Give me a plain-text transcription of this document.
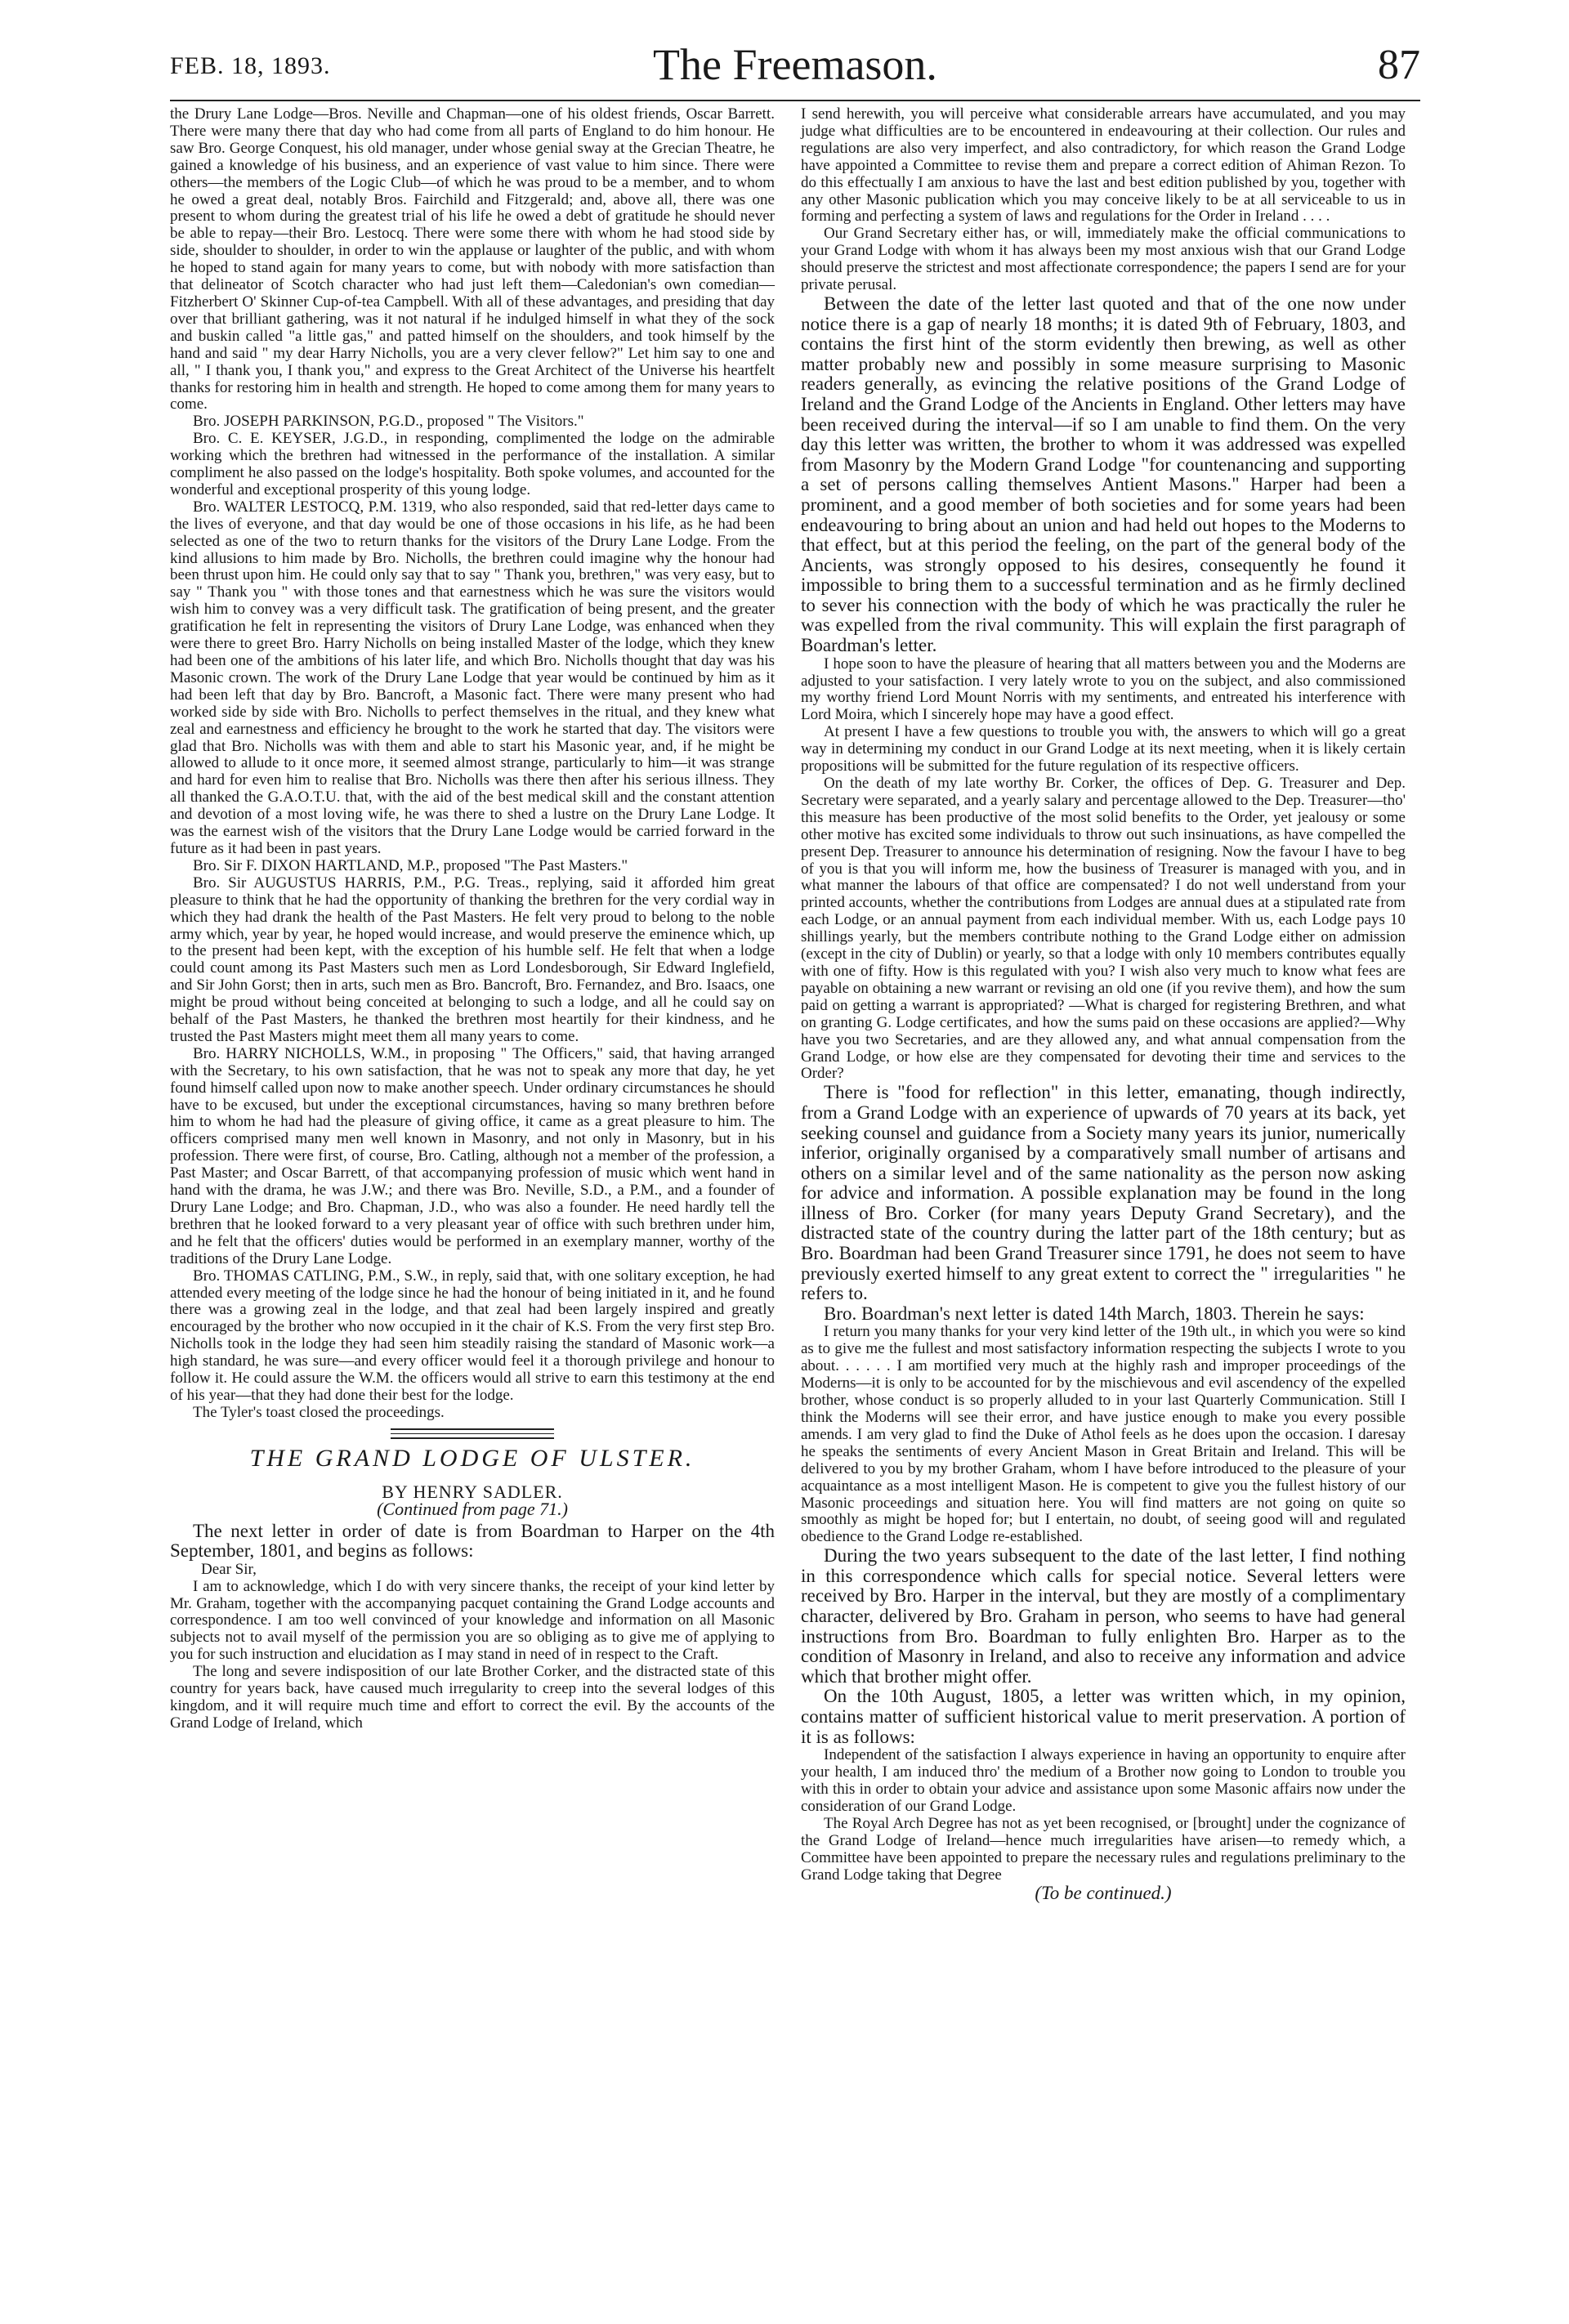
FEB. 18, 1893.	The Freemason.	87

the Drury Lane Lodge—Bros. Neville and Chapman—one of his oldest friends, Oscar Barrett. There were many there that day who had come from all parts of England to do him honour. He saw Bro. George Conquest, his old manager, under whose genial sway at the Grecian Theatre, he gained a knowledge of his business, and an experience of vast value to him since. There were others—the members of the Logic Club—of which he was proud to be a member, and to whom he owed a great deal, notably Bros. Fairchild and Fitzgerald; and, above all, there was one present to whom during the greatest trial of his life he owed a debt of gratitude he should never be able to repay—their Bro. Lestocq. There were some there with whom he had stood side by side, shoulder to shoulder, in order to win the applause or laughter of the public, and with whom he hoped to stand again for many years to come, but with nobody with more satisfaction than that delineator of Scotch character who had just left them—Caledonian's own comedian—Fitzherbert O' Skinner Cup-of-tea Campbell. With all of these advantages, and presiding that day over that brilliant gathering, was it not natural if he indulged himself in what they of the sock and buskin called "a little gas," and patted himself on the shoulders, and took himself by the hand and said " my dear Harry Nicholls, you are a very clever fellow?" Let him say to one and all, " I thank you, I thank you," and express to the Great Architect of the Universe his heartfelt thanks for restoring him in health and strength. He hoped to come among them for many years to come.

Bro. JOSEPH PARKINSON, P.G.D., proposed " The Visitors."

Bro. C. E. KEYSER, J.G.D., in responding, complimented the lodge on the admirable working which the brethren had witnessed in the performance of the installation. A similar compliment he also passed on the lodge's hospitality. Both spoke volumes, and accounted for the wonderful and exceptional prosperity of this young lodge.

Bro. WALTER LESTOCQ, P.M. 1319, who also responded, said that red-letter days came to the lives of everyone, and that day would be one of those occasions in his life, as he had been selected as one of the two to return thanks for the visitors of the Drury Lane Lodge. From the kind allusions to him made by Bro. Nicholls, the brethren could imagine why the honour had been thrust upon him. He could only say that to say " Thank you, brethren," was very easy, but to say " Thank you " with those tones and that earnestness which he was sure the visitors would wish him to convey was a very difficult task. The gratification of being present, and the greater gratification he felt in representing the visitors of Drury Lane Lodge, was enhanced when they were there to greet Bro. Harry Nicholls on being installed Master of the lodge, which they knew had been one of the ambitions of his later life, and which Bro. Nicholls thought that day was his Masonic crown. The work of the Drury Lane Lodge that year would be continued by him as it had been left that day by Bro. Bancroft, a Masonic fact. There were many present who had worked side by side with Bro. Nicholls to perfect themselves in the ritual, and they knew what zeal and earnestness and efficiency he brought to the work he started that day. The visitors were glad that Bro. Nicholls was with them and able to start his Masonic year, and, if he might be allowed to allude to it once more, it seemed almost strange, particularly to him—it was strange and hard for even him to realise that Bro. Nicholls was there then after his serious illness. They all thanked the G.A.O.T.U. that, with the aid of the best medical skill and the constant attention and devotion of a most loving wife, he was there to shed a lustre on the Drury Lane Lodge. It was the earnest wish of the visitors that the Drury Lane Lodge would be carried forward in the future as it had been in past years.

Bro. Sir F. DIXON HARTLAND, M.P., proposed "The Past Masters."

Bro. Sir AUGUSTUS HARRIS, P.M., P.G. Treas., replying, said it afforded him great pleasure to think that he had the opportunity of thanking the brethren for the very cordial way in which they had drank the health of the Past Masters. He felt very proud to belong to the noble army which, year by year, he hoped would increase, and would preserve the eminence which, up to the present had been kept, with the exception of his humble self. He felt that when a lodge could count among its Past Masters such men as Lord Londesborough, Sir Edward Inglefield, and Sir John Gorst; then in arts, such men as Bro. Bancroft, Bro. Fernandez, and Bro. Isaacs, one might be proud without being conceited at belonging to such a lodge, and all he could say on behalf of the Past Masters, he thanked the brethren most heartily for their kindness, and he trusted the Past Masters might meet them all many years to come.

Bro. HARRY NICHOLLS, W.M., in proposing " The Officers," said, that having arranged with the Secretary, to his own satisfaction, that he was not to speak any more that day, he yet found himself called upon now to make another speech. Under ordinary circumstances he should have to be excused, but under the exceptional circumstances, having so many brethren before him to whom he had had the pleasure of giving office, it came as a great pleasure to him. The officers comprised many men well known in Masonry, and not only in Masonry, but in his profession. There were first, of course, Bro. Catling, although not a member of the profession, a Past Master; and Oscar Barrett, of that accompanying profession of music which went hand in hand with the drama, he was J.W.; and there was Bro. Neville, S.D., a P.M., and a founder of Drury Lane Lodge; and Bro. Chapman, J.D., who was also a founder. He need hardly tell the brethren that he looked forward to a very pleasant year of office with such brethren under him, and he felt that the officers' duties would be performed in an exemplary manner, worthy of the traditions of the Drury Lane Lodge.

Bro. THOMAS CATLING, P.M., S.W., in reply, said that, with one solitary exception, he had attended every meeting of the lodge since he had the honour of being initiated in it, and he found there was a growing zeal in the lodge, and that zeal had been largely inspired and greatly encouraged by the brother who now occupied in it the chair of K.S. From the very first step Bro. Nicholls took in the lodge they had seen him steadily raising the standard of Masonic work—a high standard, he was sure—and every officer would feel it a thorough privilege and honour to follow it. He could assure the W.M. the officers would all strive to earn this testimony at the end of his year—that they had done their best for the lodge.

The Tyler's toast closed the proceedings.

THE GRAND LODGE OF ULSTER.
BY HENRY SADLER.
(Continued from page 71.)

The next letter in order of date is from Boardman to Harper on the 4th September, 1801, and begins as follows:

Dear Sir,

I am to acknowledge, which I do with very sincere thanks, the receipt of your kind letter by Mr. Graham, together with the accompanying pacquet containing the Grand Lodge accounts and correspondence. I am too well convinced of your knowledge and information on all Masonic subjects not to avail myself of the permission you are so obliging as to give me of applying to you for such instruction and elucidation as I may stand in need of in respect to the Craft.

The long and severe indisposition of our late Brother Corker, and the distracted state of this country for years back, have caused much irregularity to creep into the several lodges of this kingdom, and it will require much time and effort to correct the evil. By the accounts of the Grand Lodge of Ireland, which

I send herewith, you will perceive what considerable arrears have accumulated, and you may judge what difficulties are to be encountered in endeavouring at their collection. Our rules and regulations are also very imperfect, and also contradictory, for which reason the Grand Lodge have appointed a Committee to revise them and prepare a correct edition of Ahiman Rezon. To do this effectually I am anxious to have the last and best edition published by you, together with any other Masonic publication which you may conceive likely to be at all serviceable to us in forming and perfecting a system of laws and regulations for the Order in Ireland . . . .

Our Grand Secretary either has, or will, immediately make the official communications to your Grand Lodge with whom it has always been my most anxious wish that our Grand Lodge should preserve the strictest and most affectionate correspondence; the papers I send are for your private perusal.

Between the date of the letter last quoted and that of the one now under notice there is a gap of nearly 18 months; it is dated 9th of February, 1803, and contains the first hint of the storm evidently then brewing, as well as other matter probably new and possibly in some measure surprising to Masonic readers generally, as evincing the relative positions of the Grand Lodge of Ireland and the Grand Lodge of the Ancients in England. Other letters may have been received during the interval—if so I am unable to find them. On the very day this letter was written, the brother to whom it was addressed was expelled from Masonry by the Modern Grand Lodge "for countenancing and supporting a set of persons calling themselves Antient Masons." Harper had been a prominent, and a good member of both societies and for some years had been endeavouring to bring about an union and had held out hopes to the Moderns to that effect, but at this period the feeling, on the part of the general body of the Ancients, was strongly opposed to his desires, consequently he found it impossible to bring them to a successful termination and as he firmly declined to sever his connection with the body of which he was practically the ruler he was expelled from the rival community. This will explain the first paragraph of Boardman's letter.

I hope soon to have the pleasure of hearing that all matters between you and the Moderns are adjusted to your satisfaction. I very lately wrote to you on the subject, and also commissioned my worthy friend Lord Mount Norris with my sentiments, and entreated his interference with Lord Moira, which I sincerely hope may have a good effect.

At present I have a few questions to trouble you with, the answers to which will go a great way in determining my conduct in our Grand Lodge at its next meeting, when it is likely certain propositions will be submitted for the future regulation of its respective officers.

On the death of my late worthy Br. Corker, the offices of Dep. G. Treasurer and Dep. Secretary were separated, and a yearly salary and percentage allowed to the Dep. Treasurer—tho' this measure has been productive of the most solid benefits to the Order, yet jealousy or some other motive has excited some individuals to throw out such insinuations, as have compelled the present Dep. Treasurer to announce his determination of resigning. Now the favour I have to beg of you is that you will inform me, how the business of Treasurer is managed with you, and in what manner the labours of that office are compensated? I do not well understand from your printed accounts, whether the contributions from Lodges are annual dues at a stipulated rate from each Lodge, or an annual payment from each individual member. With us, each Lodge pays 10 shillings yearly, but the members contribute nothing to the Grand Lodge either on admission (except in the city of Dublin) or yearly, so that a lodge with only 10 members contributes equally with one of fifty. How is this regulated with you? I wish also very much to know what fees are payable on obtaining a new warrant or revising an old one (if you revive them), and how the sum paid on getting a warrant is appropriated? —What is charged for registering Brethren, and what on granting G. Lodge certificates, and how the sums paid on these occasions are applied?—Why have you two Secretaries, and are they allowed any, and what annual compensation from the Grand Lodge, or how else are they compensated for devoting their time and services to the Order?

There is "food for reflection" in this letter, emanating, though indirectly, from a Grand Lodge with an experience of upwards of 70 years at its back, yet seeking counsel and guidance from a Society many years its junior, numerically inferior, originally organised by a comparatively small number of artisans and others on a similar level and of the same nationality as the person now asking for advice and information. A possible explanation may be found in the long illness of Bro. Corker (for many years Deputy Grand Secretary), and the distracted state of the country during the latter part of the 18th century; but as Bro. Boardman had been Grand Treasurer since 1791, he does not seem to have previously exerted himself to any great extent to correct the " irregularities " he refers to.

Bro. Boardman's next letter is dated 14th March, 1803. Therein he says:

I return you many thanks for your very kind letter of the 19th ult., in which you were so kind as to give me the fullest and most satisfactory information respecting the subjects I wrote to you about. . . . . . I am mortified very much at the highly rash and improper proceedings of the Moderns—it is only to be accounted for by the mischievous and evil ascendency of the expelled brother, whose conduct is so properly alluded to in your last Quarterly Communication. Still I think the Moderns will see their error, and have justice enough to make you every possible amends. I am very glad to find the Duke of Athol feels as he does upon the occasion. I daresay he speaks the sentiments of every Ancient Mason in Great Britain and Ireland. This will be delivered to you by my brother Graham, whom I have before introduced to the pleasure of your acquaintance as a most intelligent Mason. He is competent to give you the fullest history of our Masonic proceedings and situation here. You will find matters are not going on quite so smoothly as might be hoped for; but I entertain, no doubt, of seeing good will and regulated obedience to the Grand Lodge re-established.

During the two years subsequent to the date of the last letter, I find nothing in this correspondence which calls for special notice. Several letters were received by Bro. Harper in the interval, but they are mostly of a complimentary character, delivered by Bro. Graham in person, who seems to have had general instructions from Bro. Boardman to fully enlighten Bro. Harper as to the condition of Masonry in Ireland, and also to receive any information and advice which that brother might offer.

On the 10th August, 1805, a letter was written which, in my opinion, contains matter of sufficient historical value to merit preservation. A portion of it is as follows:

Independent of the satisfaction I always experience in having an opportunity to enquire after your health, I am induced thro' the medium of a Brother now going to London to trouble you with this in order to obtain your advice and assistance upon some Masonic affairs now under the consideration of our Grand Lodge.

The Royal Arch Degree has not as yet been recognised, or [brought] under the cognizance of the Grand Lodge of Ireland—hence much irregularities have arisen—to remedy which, a Committee have been appointed to prepare the necessary rules and regulations preliminary to the Grand Lodge taking that Degree

(To be continued.)
